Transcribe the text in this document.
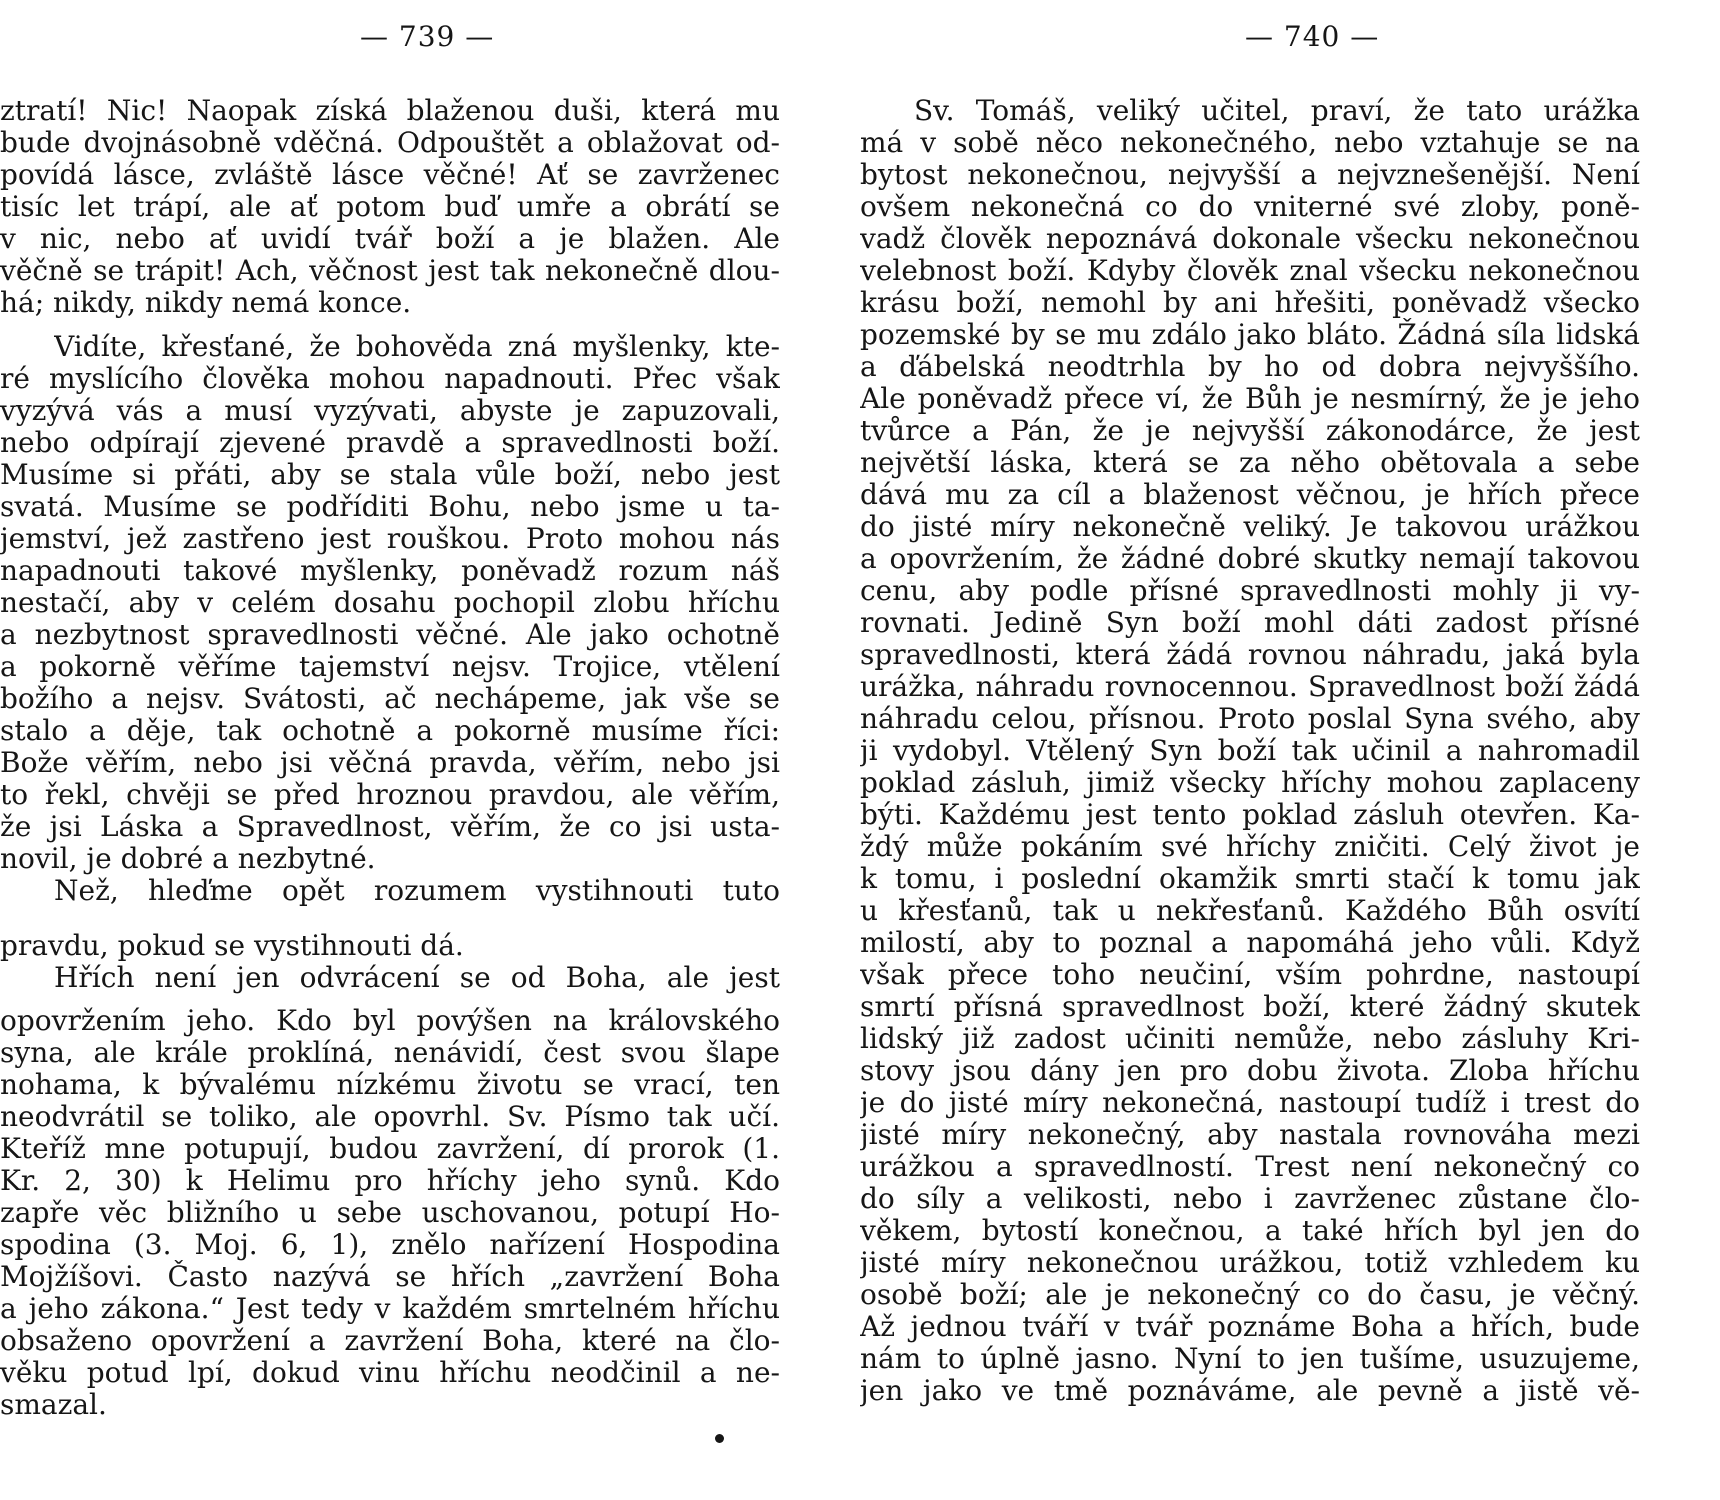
— 739 —
ztratí! Nic! Naopak získá blaženou duši, která mu
bude dvojnásobně vděčná. Odpouštět a oblažovat od-
povídá lásce, zvláště lásce věčné! Ať se zavrženec
tisíc let trápí, ale ať potom buď umře a obrátí se
v nic, nebo ať uvidí tvář boží a je blažen. Ale
věčně se trápit! Ach, věčnost jest tak nekonečně dlou-
há; nikdy, nikdy nemá konce.
Vidíte, křesťané, že bohověda zná myšlenky, kte-
ré myslícího člověka mohou napadnouti. Přec však
vyzývá vás a musí vyzývati, abyste je zapuzovali,
nebo odpírají zjevené pravdě a spravedlnosti boží.
Musíme si přáti, aby se stala vůle boží, nebo jest
svatá. Musíme se podříditi Bohu, nebo jsme u ta-
jemství, jež zastřeno jest rouškou. Proto mohou nás
napadnouti takové myšlenky, poněvadž rozum náš
nestačí, aby v celém dosahu pochopil zlobu hříchu
a nezbytnost spravedlnosti věčné. Ale jako ochotně
a pokorně věříme tajemství nejsv. Trojice, vtělení
božího a nejsv. Svátosti, ač nechápeme, jak vše se
stalo a děje, tak ochotně a pokorně musíme říci:
Bože věřím, nebo jsi věčná pravda, věřím, nebo jsi
to řekl, chvěji se před hroznou pravdou, ale věřím,
že jsi Láska a Spravedlnost, věřím, že co jsi usta-
novil, je dobré a nezbytné.
Než, hleďme opět rozumem vystihnouti tuto
pravdu, pokud se vystihnouti dá.
Hřích není jen odvrácení se od Boha, ale jest
opovržením jeho. Kdo byl povýšen na královského
syna, ale krále proklíná, nenávidí, čest svou šlape
nohama, k bývalému nízkému životu se vrací, ten
neodvrátil se toliko, ale opovrhl. Sv. Písmo tak učí.
Kteříž mne potupují, budou zavržení, dí prorok (1.
Kr. 2, 30) k Helimu pro hříchy jeho synů. Kdo
zapře věc bližního u sebe uschovanou, potupí Ho-
spodina (3. Moj. 6, 1), znělo nařízení Hospodina
Mojžíšovi. Často nazývá se hřích „zavržení Boha
a jeho zákona.“ Jest tedy v každém smrtelném hříchu
obsaženo opovržení a zavržení Boha, které na člo-
věku potud lpí, dokud vinu hříchu neodčinil a ne-
smazal.
— 740 —
Sv. Tomáš, veliký učitel, praví, že tato urážka
má v sobě něco nekonečného, nebo vztahuje se na
bytost nekonečnou, nejvyšší a nejvznešenější. Není
ovšem nekonečná co do vniterné své zloby, poně-
vadž člověk nepoznává dokonale všecku nekonečnou
velebnost boží. Kdyby člověk znal všecku nekonečnou
krásu boží, nemohl by ani hřešiti, poněvadž všecko
pozemské by se mu zdálo jako bláto. Žádná síla lidská
a ďábelská neodtrhla by ho od dobra nejvyššího.
Ale poněvadž přece ví, že Bůh je nesmírný, že je jeho
tvůrce a Pán, že je nejvyšší zákonodárce, že jest
největší láska, která se za něho obětovala a sebe
dává mu za cíl a blaženost věčnou, je hřích přece
do jisté míry nekonečně veliký. Je takovou urážkou
a opovržením, že žádné dobré skutky nemají takovou
cenu, aby podle přísné spravedlnosti mohly ji vy-
rovnati. Jedině Syn boží mohl dáti zadost přísné
spravedlnosti, která žádá rovnou náhradu, jaká byla
urážka, náhradu rovnocennou. Spravedlnost boží žádá
náhradu celou, přísnou. Proto poslal Syna svého, aby
ji vydobyl. Vtělený Syn boží tak učinil a nahromadil
poklad zásluh, jimiž všecky hříchy mohou zaplaceny
býti. Každému jest tento poklad zásluh otevřen. Ka-
ždý může pokáním své hříchy zničiti. Celý život je
k tomu, i poslední okamžik smrti stačí k tomu jak
u křesťanů, tak u nekřesťanů. Každého Bůh osvítí
milostí, aby to poznal a napomáhá jeho vůli. Když
však přece toho neučiní, vším pohrdne, nastoupí
smrtí přísná spravedlnost boží, které žádný skutek
lidský již zadost učiniti nemůže, nebo zásluhy Kri-
stovy jsou dány jen pro dobu života. Zloba hříchu
je do jisté míry nekonečná, nastoupí tudíž i trest do
jisté míry nekonečný, aby nastala rovnováha mezi
urážkou a spravedlností. Trest není nekonečný co
do síly a velikosti, nebo i zavrženec zůstane člo-
věkem, bytostí konečnou, a také hřích byl jen do
jisté míry nekonečnou urážkou, totiž vzhledem ku
osobě boží; ale je nekonečný co do času, je věčný.
Až jednou tváří v tvář poznáme Boha a hřích, bude
nám to úplně jasno. Nyní to jen tušíme, usuzujeme,
jen jako ve tmě poznáváme, ale pevně a jistě vě-
